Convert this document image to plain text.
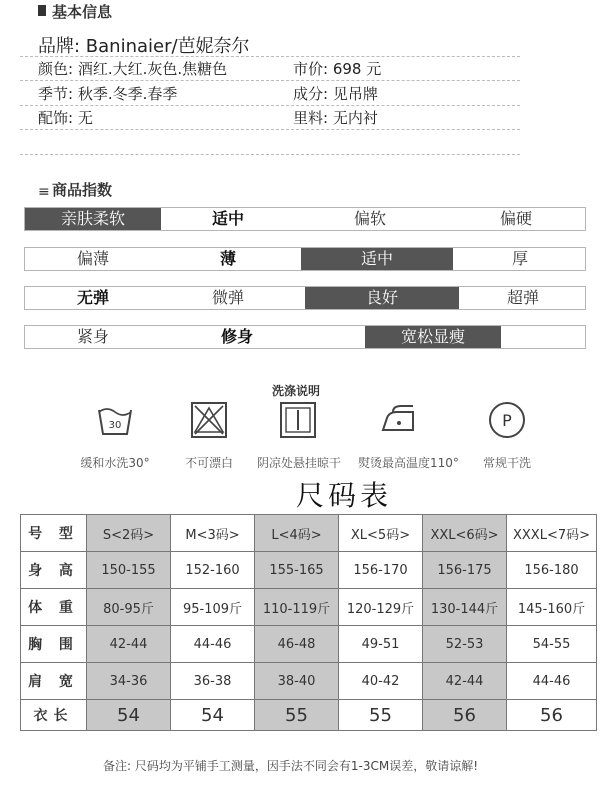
基本信息
品牌: Baninaier/芭妮奈尔
颜色: 酒红.大红.灰色.焦糖色	市价: 698 元
季节: 秋季.冬季.春季	成分: 见吊牌
配饰: 无	里料: 无内衬
≡ 商品指数
亲肤柔软	适中	偏软	偏硬
偏薄	薄	适中	厚
无弹	微弹	良好	超弹
紧身	修身	宽松显瘦
洗涤说明
30
缓和水洗30°	不可漂白	阴凉处悬挂晾干 熨烫最高温度110°
P
常规干洗
尺码表
号 型	S<2码>	M<3码>	L<4码>	XL<5码>	XXL<6码>	XXXL<7码>
身 高	150-155	152-160	155-165	156-170	156-175	156-180
体 重	80-95斤	95-109斤	110-119斤	120-129斤	130-144斤	145-160斤
胸 围	42-44	44-46	46-48	49-51	52-53	54-55
肩 宽	34-36	36-38	38-40	40-42	42-44	44-46
衣长	54	54	55	55	56	56
备注: 尺码均为平铺手工测量，因手法不同会有1-3CM误差，敬请谅解!
